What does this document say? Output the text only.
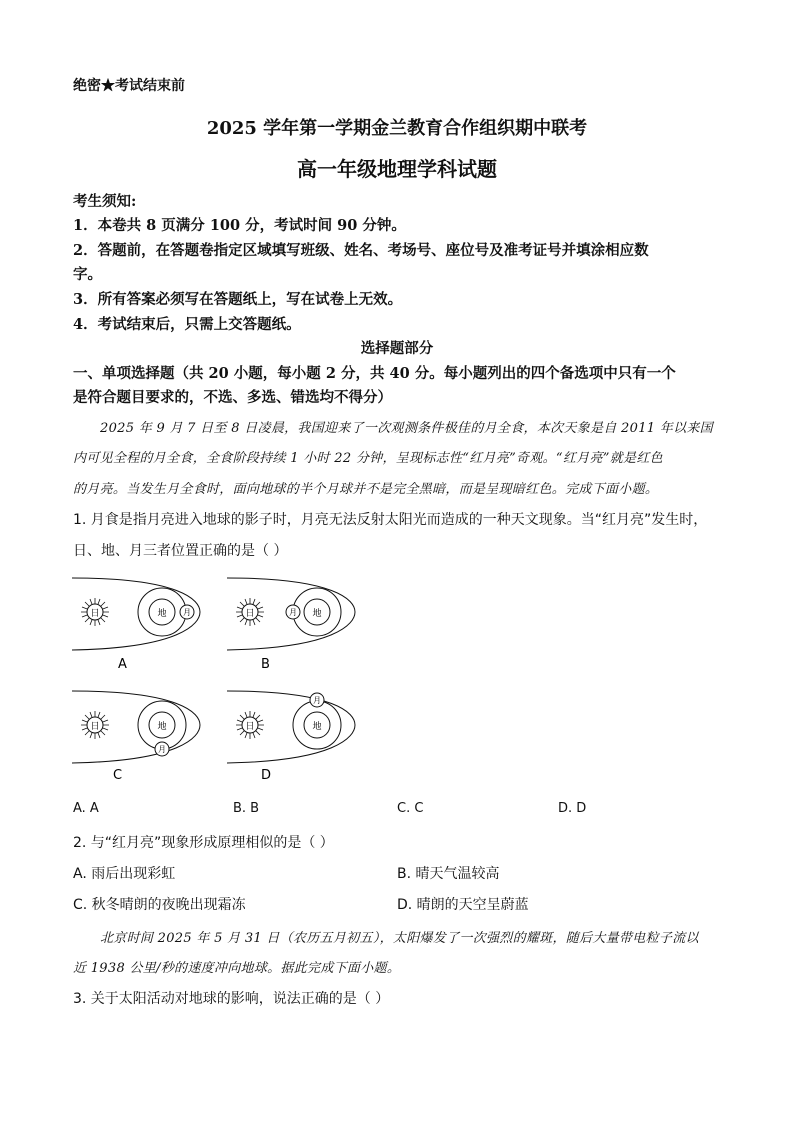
绝密★考试结束前
2025 学年第一学期金兰教育合作组织期中联考
高一年级地理学科试题
考生须知:
1．本卷共 8 页满分 100 分，考试时间 90 分钟。
2．答题前，在答题卷指定区域填写班级、姓名、考场号、座位号及准考证号并填涂相应数
字。
3．所有答案必须写在答题纸上，写在试卷上无效。
4．考试结束后，只需上交答题纸。
选择题部分
一、单项选择题（共 20 小题，每小题 2 分，共 40 分。每小题列出的四个备选项中只有一个
是符合题目要求的，不选、多选、错选均不得分）
2025 年 9 月 7 日至 8 日凌晨，我国迎来了一次观测条件极佳的月全食，本次天象是自 2011 年以来国
内可见全程的月全食，全食阶段持续 1 小时 22 分钟，呈现标志性“红月亮”奇观。“红月亮”就是红色
的月亮。当发生月全食时，面向地球的半个月球并不是完全黑暗，而是呈现暗红色。完成下面小题。
1. 月食是指月亮进入地球的影子时，月亮无法反射太阳光而造成的一种天文现象。当“红月亮”发生时，
日、地、月三者位置正确的是（ ）
日	地 月
A
日	地
月
B
日	地
月
C
日	地
月
D
A. A	B. B	C. C	D. D
2. 与“红月亮”现象形成原理相似的是（ ）
A. 雨后出现彩虹	B. 晴天气温较高
C. 秋冬晴朗的夜晚出现霜冻	D. 晴朗的天空呈蔚蓝
北京时间 2025 年 5 月 31 日（农历五月初五），太阳爆发了一次强烈的耀斑，随后大量带电粒子流以
近 1938 公里/秒的速度冲向地球。据此完成下面小题。
3. 关于太阳活动对地球的影响，说法正确的是（ ）
